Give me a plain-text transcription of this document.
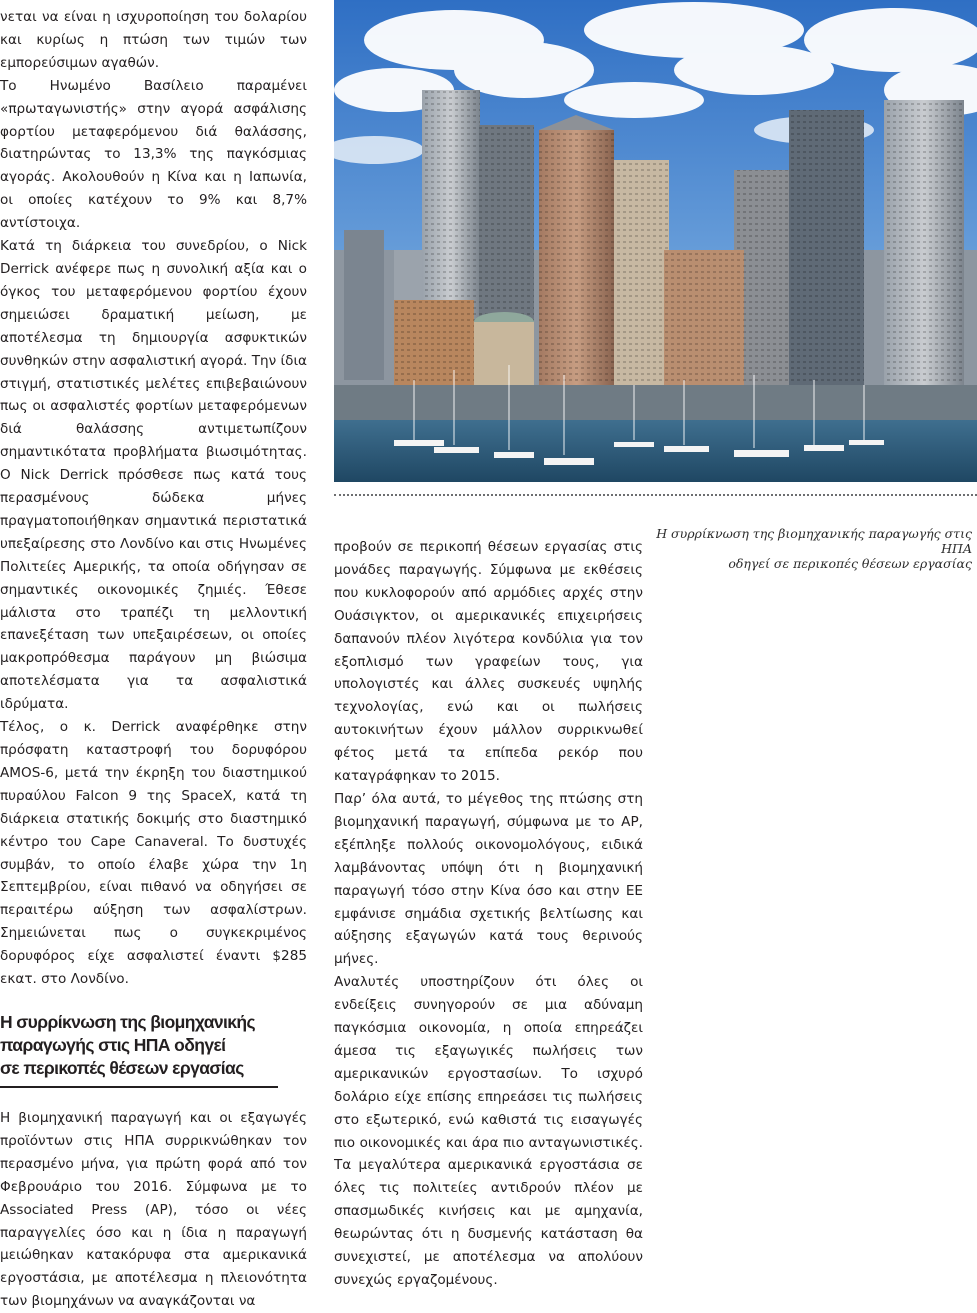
νεται να είναι η ισχυροποίηση του δολαρίου και κυρίως η πτώση των τιμών των εμπορεύσιμων αγαθών.

Το Ηνωμένο Βασίλειο παραμένει «πρωταγωνιστής» στην αγορά ασφάλισης φορτίου μεταφερόμενου διά θαλάσσης, διατηρώντας το 13,3% της παγκόσμιας αγοράς. Ακολουθούν η Κίνα και η Ιαπωνία, οι οποίες κατέχουν το 9% και 8,7% αντίστοιχα.

Κατά τη διάρκεια του συνεδρίου, ο Nick Derrick ανέφερε πως η συνολική αξία και ο όγκος του μεταφερόμενου φορτίου έχουν σημειώσει δραματική μείωση, με αποτέλεσμα τη δημιουργία ασφυκτικών συνθηκών στην ασφαλιστική αγορά. Την ίδια στιγμή, στατιστικές μελέτες επιβεβαιώνουν πως οι ασφαλιστές φορτίων μεταφερόμενων διά θαλάσσης αντιμετωπίζουν σημαντικότατα προβλήματα βιωσιμότητας. Ο Nick Derrick πρόσθεσε πως κατά τους περασμένους δώδεκα μήνες πραγματοποιήθηκαν σημαντικά περιστατικά υπεξαίρεσης στο Λονδίνο και στις Ηνωμένες Πολιτείες Αμερικής, τα οποία οδήγησαν σε σημαντικές οικονομικές ζημιές. Έθεσε μάλιστα στο τραπέζι τη μελλοντική επανεξέταση των υπεξαιρέσεων, οι οποίες μακροπρόθεσμα παράγουν μη βιώσιμα αποτελέσματα για τα ασφαλιστικά ιδρύματα.

Τέλος, ο κ. Derrick αναφέρθηκε στην πρόσφατη καταστροφή του δορυφόρου AMOS-6, μετά την έκρηξη του διαστημικού πυραύλου Falcon 9 της SpaceX, κατά τη διάρκεια στατικής δοκιμής στο διαστημικό κέντρο του Cape Canaveral. Το δυστυχές συμβάν, το οποίο έλαβε χώρα την 1η Σεπτεμβρίου, είναι πιθανό να οδηγήσει σε περαιτέρω αύξηση των ασφαλίστρων. Σημειώνεται πως ο συγκεκριμένος δορυφόρος είχε ασφαλιστεί έναντι $285 εκατ. στο Λονδίνο.

Η συρρίκνωση της βιομηχανικής
παραγωγής στις ΗΠΑ οδηγεί
σε περικοπές θέσεων εργασίας

Η βιομηχανική παραγωγή και οι εξαγωγές προϊόντων στις ΗΠΑ συρρικνώθηκαν τον περασμένο μήνα, για πρώτη φορά από τον Φεβρουάριο του 2016. Σύμφωνα με το Associated Press (AP), τόσο οι νέες παραγγελίες όσο και η ίδια η παραγωγή μειώθηκαν κατακόρυφα στα αμερικανικά εργοστάσια, με αποτέλεσμα η πλειονότητα των βιομηχάνων να αναγκάζονται να

Η συρρίκνωση της βιομηχανικής παραγωγής στις ΗΠΑ
οδηγεί σε περικοπές θέσεων εργασίας

προβούν σε περικοπή θέσεων εργασίας στις μονάδες παραγωγής. Σύμφωνα με εκθέσεις που κυκλοφορούν από αρμόδιες αρχές στην Ουάσιγκτον, οι αμερικανικές επιχειρήσεις δαπανούν πλέον λιγότερα κονδύλια για τον εξοπλισμό των γραφείων τους, για υπολογιστές και άλλες συσκευές υψηλής τεχνολογίας, ενώ και οι πωλήσεις αυτοκινήτων έχουν μάλλον συρρικνωθεί φέτος μετά τα επίπεδα ρεκόρ που καταγράφηκαν το 2015.

Παρ’ όλα αυτά, το μέγεθος της πτώσης στη βιομηχανική παραγωγή, σύμφωνα με το AP, εξέπληξε πολλούς οικονομολόγους, ειδικά λαμβάνοντας υπόψη ότι η βιομηχανική παραγωγή τόσο στην Κίνα όσο και στην ΕΕ εμφάνισε σημάδια σχετικής βελτίωσης και αύξησης εξαγωγών κατά τους θερινούς μήνες.

Αναλυτές υποστηρίζουν ότι όλες οι ενδείξεις συνηγορούν σε μια αδύναμη παγκόσμια οικονομία, η οποία επηρεάζει άμεσα τις εξαγωγικές πωλήσεις των αμερικανικών εργοστασίων. Το ισχυρό δολάριο είχε επίσης επηρεάσει τις πωλήσεις στο εξωτερικό, ενώ καθιστά τις εισαγωγές πιο οικονομικές και άρα πιο ανταγωνιστικές. Τα μεγαλύτερα αμερικανικά εργοστάσια σε όλες τις πολιτείες αντιδρούν πλέον με σπασμωδικές κινήσεις και με αμηχανία, θεωρώντας ότι η δυσμενής κατάσταση θα συνεχιστεί, με αποτέλεσμα να απολύουν συνεχώς εργαζομένους.
